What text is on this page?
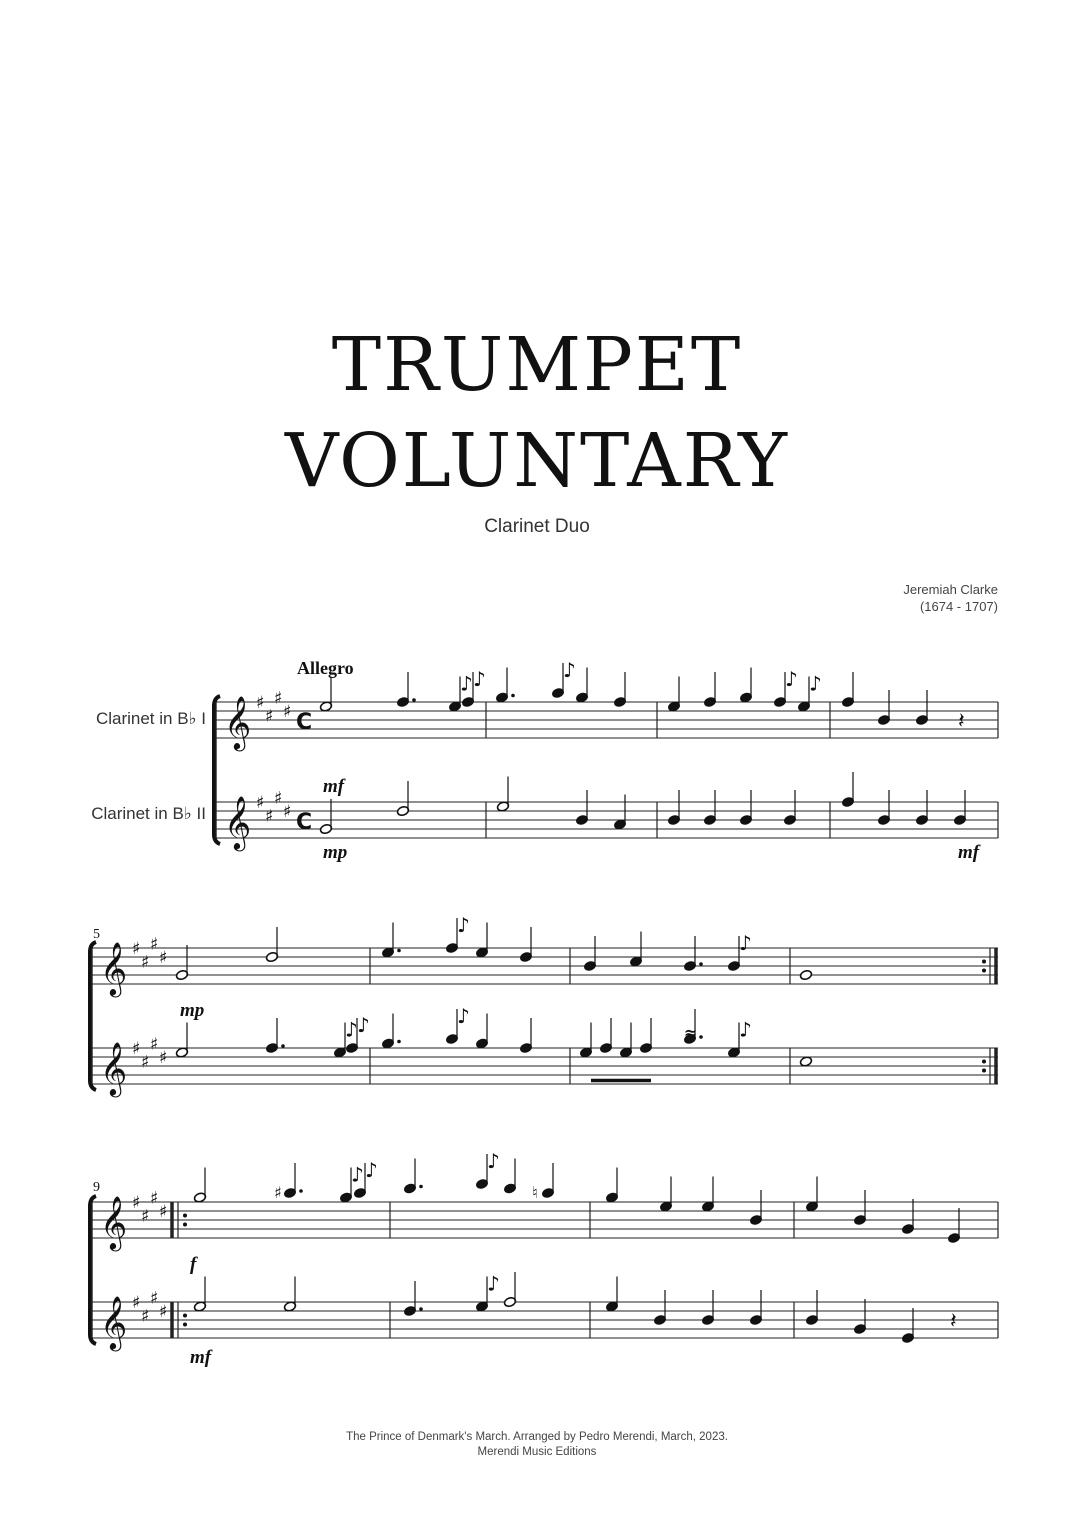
TRUMPET
VOLUNTARY
Clarinet Duo
Jeremiah Clarke
(1674 - 1707)
Clarinet in B♭ I
Clarinet in B♭ II
Allegro
5
9
mf
mp	mf
mp
f
mf
𝄞 ♯
♯
♯
♯ C
𝄞 ♯
♯
♯
♯ C
♪ ♪	♪	♪ ♪
𝄽
𝄞 ♯
♯
♯
♯
𝄞 ♯
♯
♯
♯
♪
♪
♪ ♪	♪
≈ ♪
𝄞 ♯
♯
♯
♯
𝄞 ♯
♯
♯
♯
♯
♪ ♪	♪
♮
♪
𝄽
The Prince of Denmark's March. Arranged by Pedro Merendi, March, 2023.
Merendi Music Editions
